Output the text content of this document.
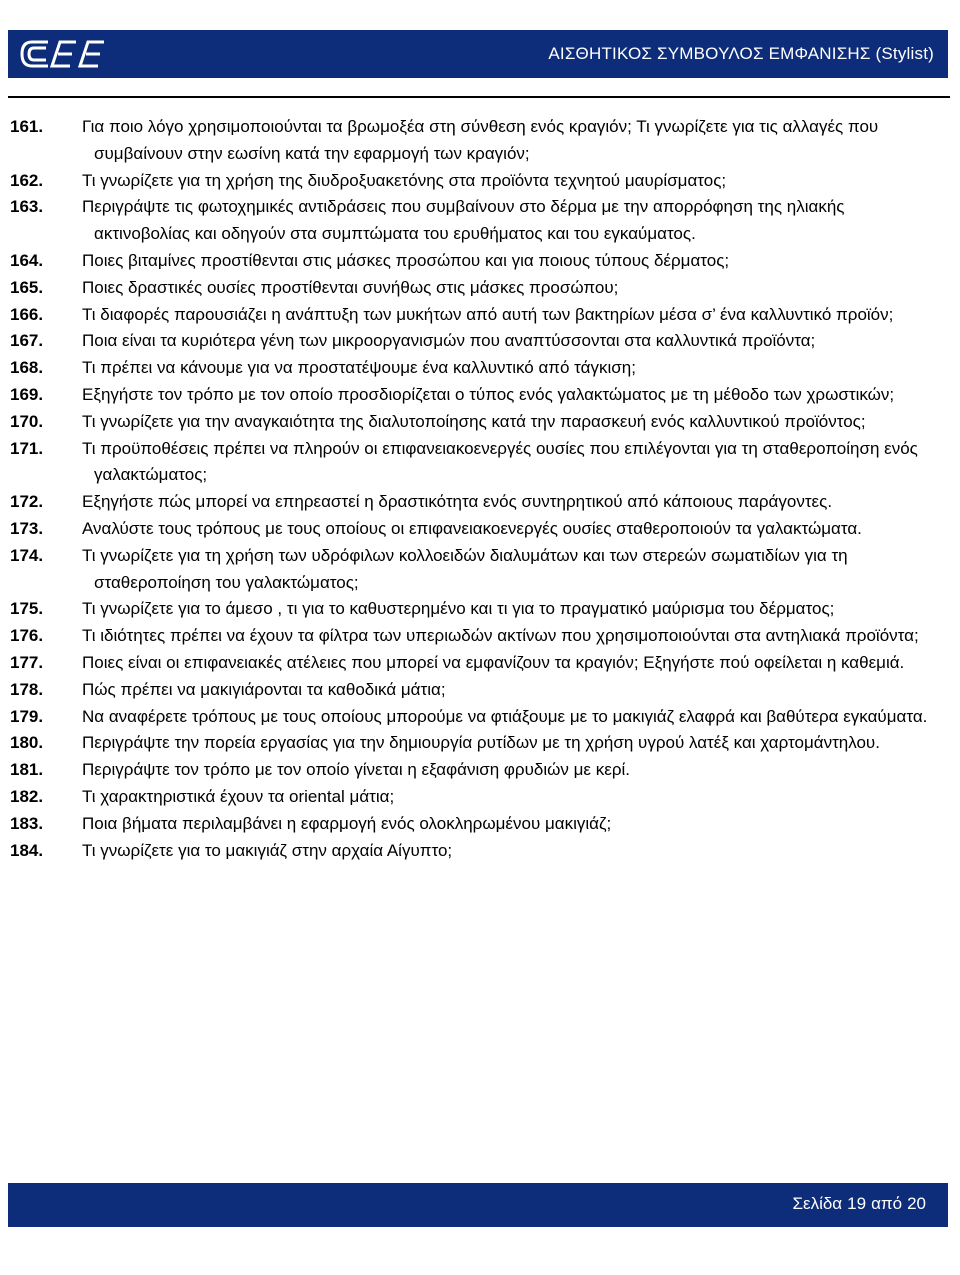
ΑΙΣΘΗΤΙΚΟΣ ΣΥΜΒΟΥΛΟΣ ΕΜΦΑΝΙΣΗΣ (Stylist)
161.	Για ποιο λόγο χρησιμοποιούνται τα βρωμοξέα στη σύνθεση ενός κραγιόν; Τι γνωρίζετε για τις αλλαγές που συμβαίνουν στην εωσίνη κατά την εφαρμογή των κραγιόν;
162.	Τι γνωρίζετε για τη χρήση της διυδροξυακετόνης στα προϊόντα τεχνητού μαυρίσματος;
163.	Περιγράψτε τις φωτοχημικές αντιδράσεις που συμβαίνουν στο δέρμα με την απορρόφηση της ηλιακής ακτινοβολίας και οδηγούν στα συμπτώματα του ερυθήματος και του εγκαύματος.
164.	Ποιες βιταμίνες προστίθενται στις μάσκες προσώπου και για ποιους τύπους δέρματος;
165.	Ποιες δραστικές ουσίες προστίθενται συνήθως στις μάσκες προσώπου;
166.	Τι διαφορές παρουσιάζει η ανάπτυξη των μυκήτων από αυτή των βακτηρίων μέσα σ’ ένα καλλυντικό προϊόν;
167.	Ποια είναι τα κυριότερα γένη των μικροοργανισμών που αναπτύσσονται στα καλλυντικά προϊόντα;
168.	Τι πρέπει να κάνουμε για να προστατέψουμε ένα καλλυντικό από τάγκιση;
169.	Εξηγήστε τον τρόπο με τον οποίο προσδιορίζεται ο τύπος ενός γαλακτώματος με τη μέθοδο των χρωστικών;
170.	Τι γνωρίζετε για την αναγκαιότητα της διαλυτοποίησης κατά την παρασκευή ενός καλλυντικού προϊόντος;
171.	Τι προϋποθέσεις πρέπει να πληρούν οι επιφανειακοενεργές ουσίες που επιλέγονται για τη σταθεροποίηση ενός γαλακτώματος;
172.	Εξηγήστε πώς μπορεί να επηρεαστεί η δραστικότητα ενός συντηρητικού από κάποιους παράγοντες.
173.	Αναλύστε τους τρόπους με τους οποίους οι επιφανειακοενεργές ουσίες σταθεροποιούν τα γαλακτώματα.
174.	Τι γνωρίζετε για τη χρήση των υδρόφιλων κολλοειδών διαλυμάτων και των στερεών σωματιδίων για τη σταθεροποίηση του γαλακτώματος;
175.	Τι γνωρίζετε για το άμεσο , τι για το καθυστερημένο και τι για το πραγματικό μαύρισμα του δέρματος;
176.	Τι ιδιότητες πρέπει να έχουν τα φίλτρα των υπεριωδών ακτίνων που χρησιμοποιούνται στα αντηλιακά προϊόντα;
177.	Ποιες είναι οι επιφανειακές ατέλειες που μπορεί να εμφανίζουν τα κραγιόν; Εξηγήστε πού οφείλεται η καθεμιά.
178.	Πώς πρέπει να μακιγιάρονται τα καθοδικά μάτια;
179.	Να αναφέρετε τρόπους με τους οποίους μπορούμε να φτιάξουμε με το μακιγιάζ ελαφρά και βαθύτερα εγκαύματα.
180.	Περιγράψτε την πορεία εργασίας για την δημιουργία ρυτίδων με τη χρήση υγρού λατέξ και χαρτομάντηλου.
181.	Περιγράψτε τον τρόπο με τον οποίο γίνεται η εξαφάνιση φρυδιών με κερί.
182.	Τι χαρακτηριστικά έχουν τα oriental μάτια;
183.	Ποια βήματα περιλαμβάνει η εφαρμογή ενός ολοκληρωμένου μακιγιάζ;
184.	Τι γνωρίζετε για το μακιγιάζ στην αρχαία Αίγυπτο;
Σελίδα 19 από 20
